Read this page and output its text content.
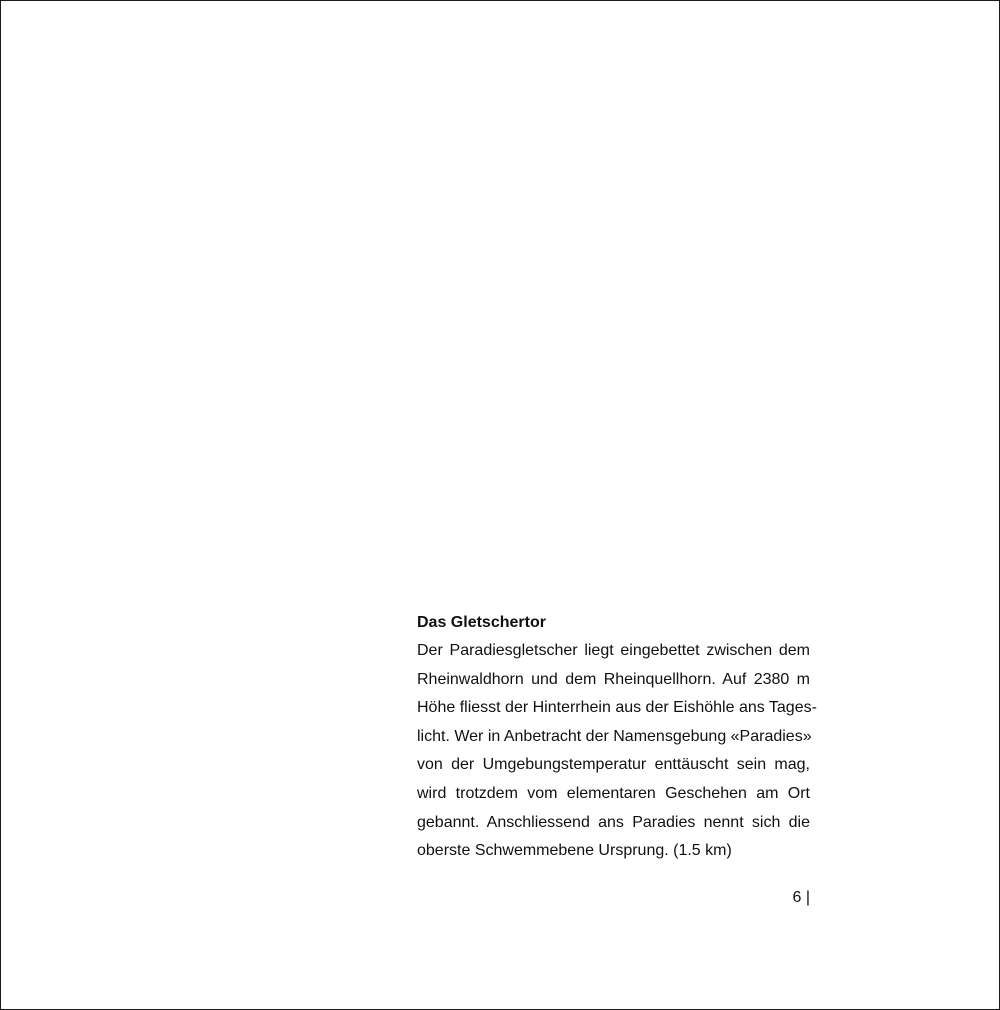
Das Gletschertor
Der Paradiesgletscher liegt eingebettet zwischen dem
Rheinwaldhorn und dem Rheinquellhorn. Auf 2380 m
Höhe fliesst der Hinterrhein aus der Eishöhle ans Tages-
licht. Wer in Anbetracht der Namensgebung «Paradies»
von der Umgebungstemperatur enttäuscht sein mag,
wird trotzdem vom elementaren Geschehen am Ort
gebannt. Anschliessend ans Paradies nennt sich die
oberste Schwemmebene Ursprung. (1.5 km)
6 |
